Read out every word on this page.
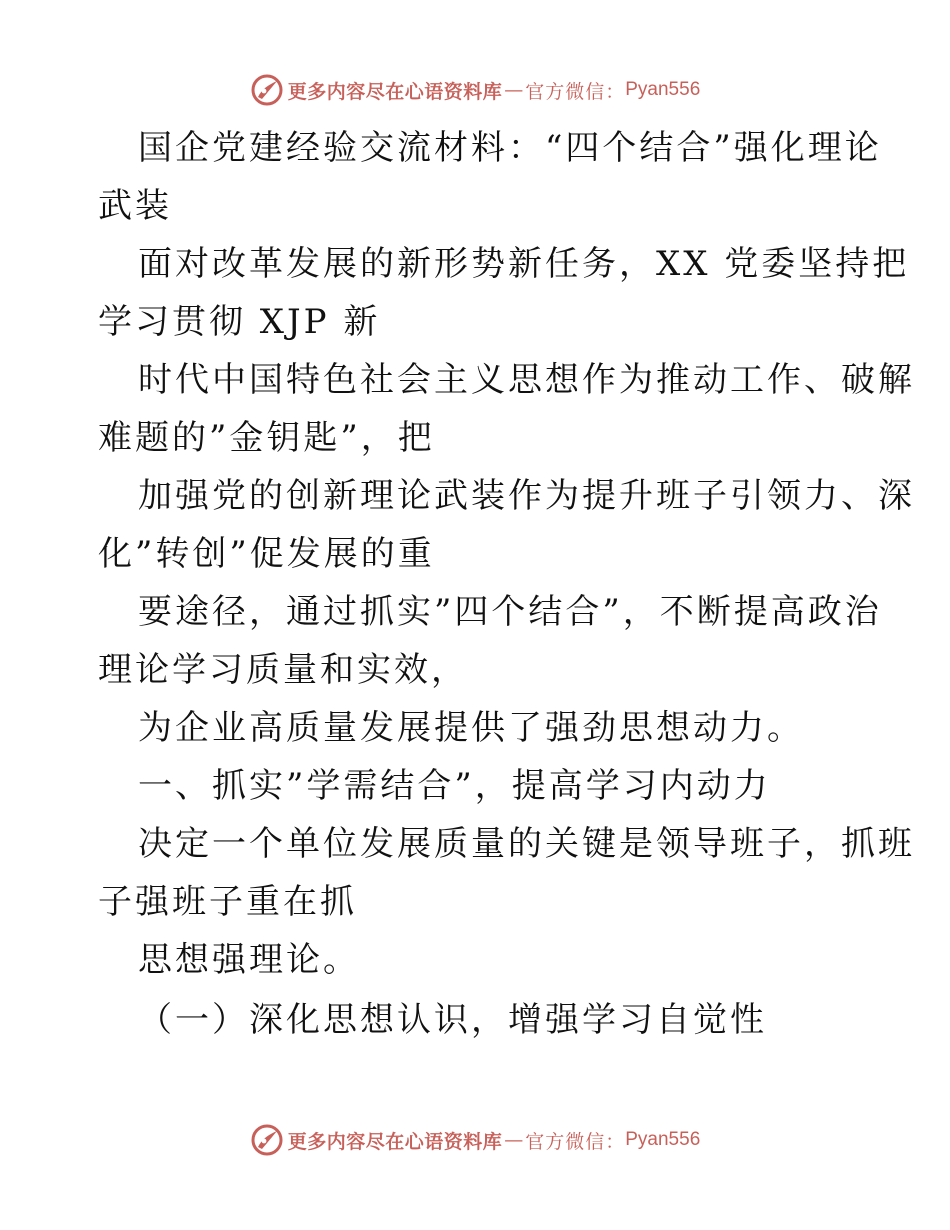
更多内容尽在心语资料库 — 官方微信： Pyan556
国企党建经验交流材料：“四个结合”强化理论
武装
面对改革发展的新形势新任务，XX 党委坚持把
学习贯彻 XJP 新
时代中国特色社会主义思想作为推动工作、破解
难题的”金钥匙”，把
加强党的创新理论武装作为提升班子引领力、深
化”转创”促发展的重
要途径，通过抓实”四个结合”，不断提高政治
理论学习质量和实效，
为企业高质量发展提供了强劲思想动力。
一、抓实”学需结合”，提高学习内动力
决定一个单位发展质量的关键是领导班子，抓班
子强班子重在抓
思想强理论。
（一）深化思想认识，增强学习自觉性
更多内容尽在心语资料库 — 官方微信： Pyan556
